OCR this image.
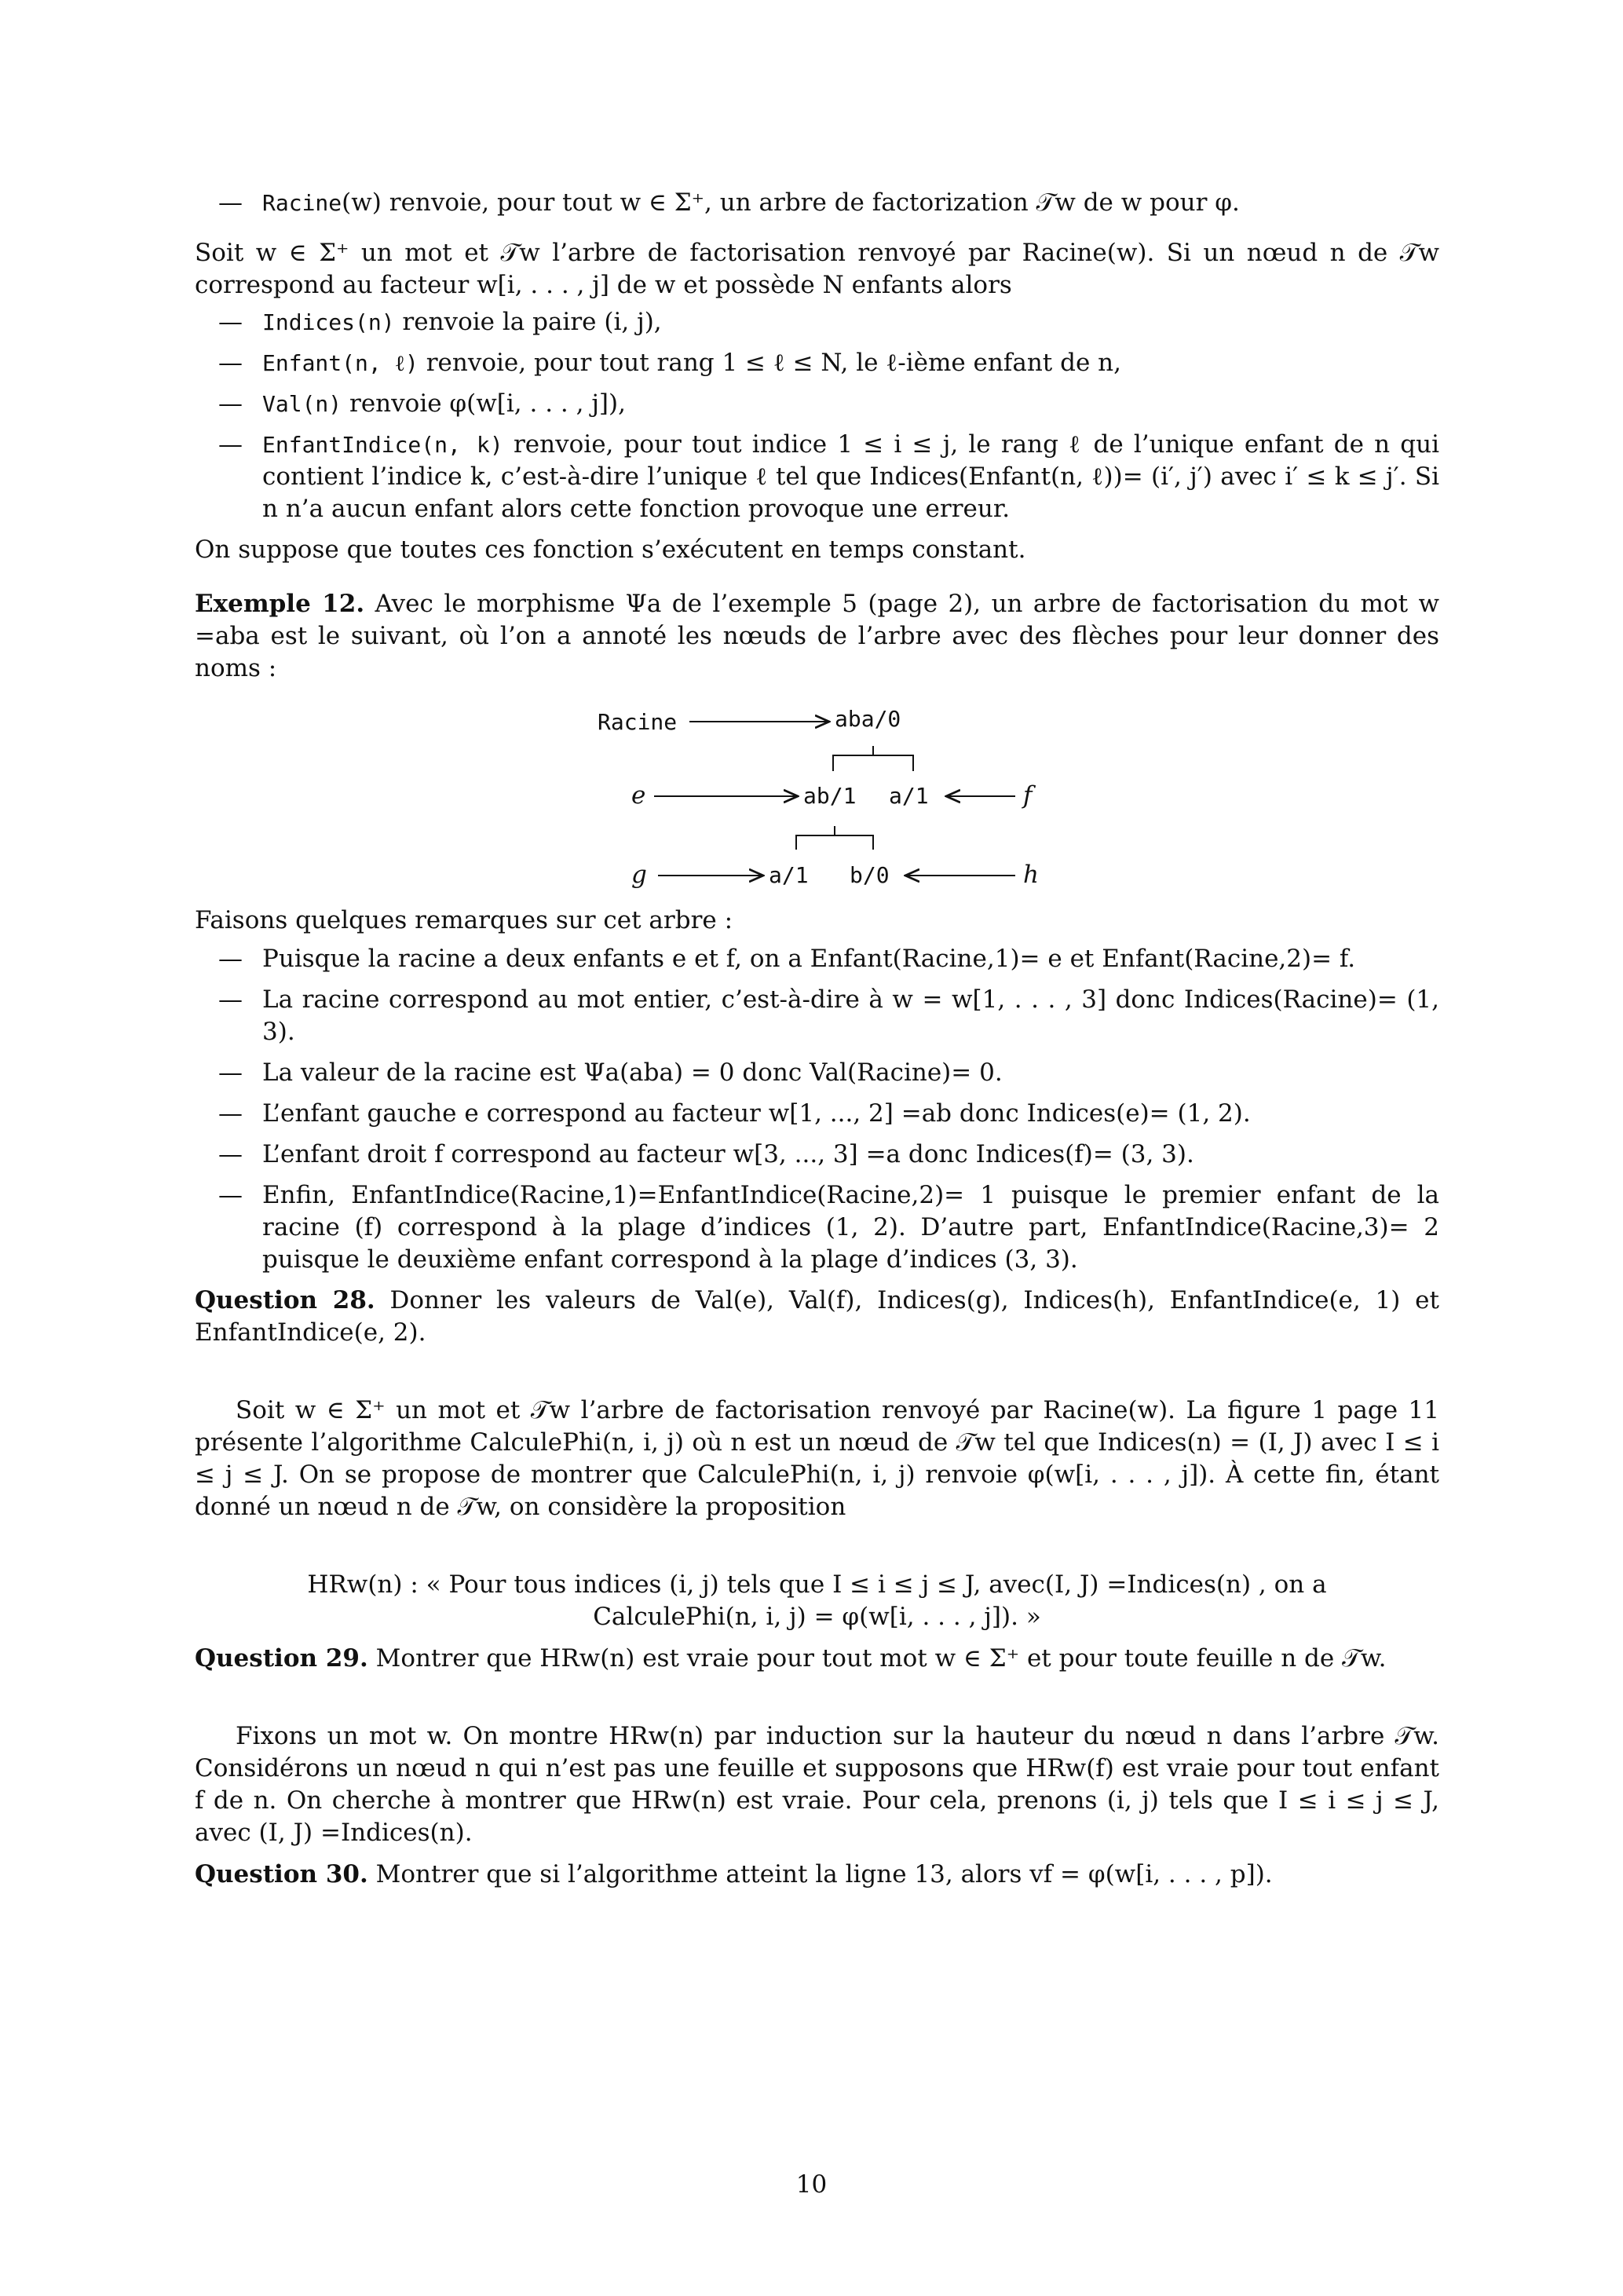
— Racine(w) renvoie, pour tout w ∈ Σ⁺, un arbre de factorization 𝒯w de w pour φ.

Soit w ∈ Σ⁺ un mot et 𝒯w l’arbre de factorisation renvoyé par Racine(w). Si un nœud n de 𝒯w correspond au facteur w[i, . . . , j] de w et possède N enfants alors

— Indices(n) renvoie la paire (i, j),
— Enfant(n, ℓ) renvoie, pour tout rang 1 ≤ ℓ ≤ N, le ℓ-ième enfant de n,
— Val(n) renvoie φ(w[i, . . . , j]),
— EnfantIndice(n, k) renvoie, pour tout indice 1 ≤ i ≤ j, le rang ℓ de l’unique enfant de n qui contient l’indice k, c’est-à-dire l’unique ℓ tel que Indices(Enfant(n, ℓ))= (i′, j′) avec i′ ≤ k ≤ j′. Si n n’a aucun enfant alors cette fonction provoque une erreur.

On suppose que toutes ces fonction s’exécutent en temps constant.

Exemple 12. Avec le morphisme Ψa de l’exemple 5 (page 2), un arbre de factorisation du mot w =aba est le suivant, où l’on a annoté les nœuds de l’arbre avec des flèches pour leur donner des noms :

Racine	aba/0
e	ab/1 a/1	f
g	a/1 b/0	h

Faisons quelques remarques sur cet arbre :

— Puisque la racine a deux enfants e et f, on a Enfant(Racine,1)= e et Enfant(Racine,2)= f.
— La racine correspond au mot entier, c’est-à-dire à w = w[1, . . . , 3] donc Indices(Racine)= (1, 3).
— La valeur de la racine est Ψa(aba) = 0 donc Val(Racine)= 0.
— L’enfant gauche e correspond au facteur w[1, ..., 2] =ab donc Indices(e)= (1, 2).
— L’enfant droit f correspond au facteur w[3, ..., 3] =a donc Indices(f)= (3, 3).
— Enfin, EnfantIndice(Racine,1)=EnfantIndice(Racine,2)= 1 puisque le premier enfant de la racine (f) correspond à la plage d’indices (1, 2). D’autre part, EnfantIndice(Racine,3)= 2 puisque le deuxième enfant correspond à la plage d’indices (3, 3).

Question 28. Donner les valeurs de Val(e), Val(f), Indices(g), Indices(h), EnfantIndice(e, 1) et EnfantIndice(e, 2).

Soit w ∈ Σ⁺ un mot et 𝒯w l’arbre de factorisation renvoyé par Racine(w). La figure 1 page 11 présente l’algorithme CalculePhi(n, i, j) où n est un nœud de 𝒯w tel que Indices(n) = (I, J) avec I ≤ i ≤ j ≤ J. On se propose de montrer que CalculePhi(n, i, j) renvoie φ(w[i, . . . , j]). À cette fin, étant donné un nœud n de 𝒯w, on considère la proposition

HRw(n) : « Pour tous indices (i, j) tels que I ≤ i ≤ j ≤ J, avec(I, J) =Indices(n) , on a

CalculePhi(n, i, j) = φ(w[i, . . . , j]). »

Question 29. Montrer que HRw(n) est vraie pour tout mot w ∈ Σ⁺ et pour toute feuille n de 𝒯w.

Fixons un mot w. On montre HRw(n) par induction sur la hauteur du nœud n dans l’arbre 𝒯w. Considérons un nœud n qui n’est pas une feuille et supposons que HRw(f) est vraie pour tout enfant f de n. On cherche à montrer que HRw(n) est vraie. Pour cela, prenons (i, j) tels que I ≤ i ≤ j ≤ J, avec (I, J) =Indices(n).

Question 30. Montrer que si l’algorithme atteint la ligne 13, alors vf = φ(w[i, . . . , p]).

10
